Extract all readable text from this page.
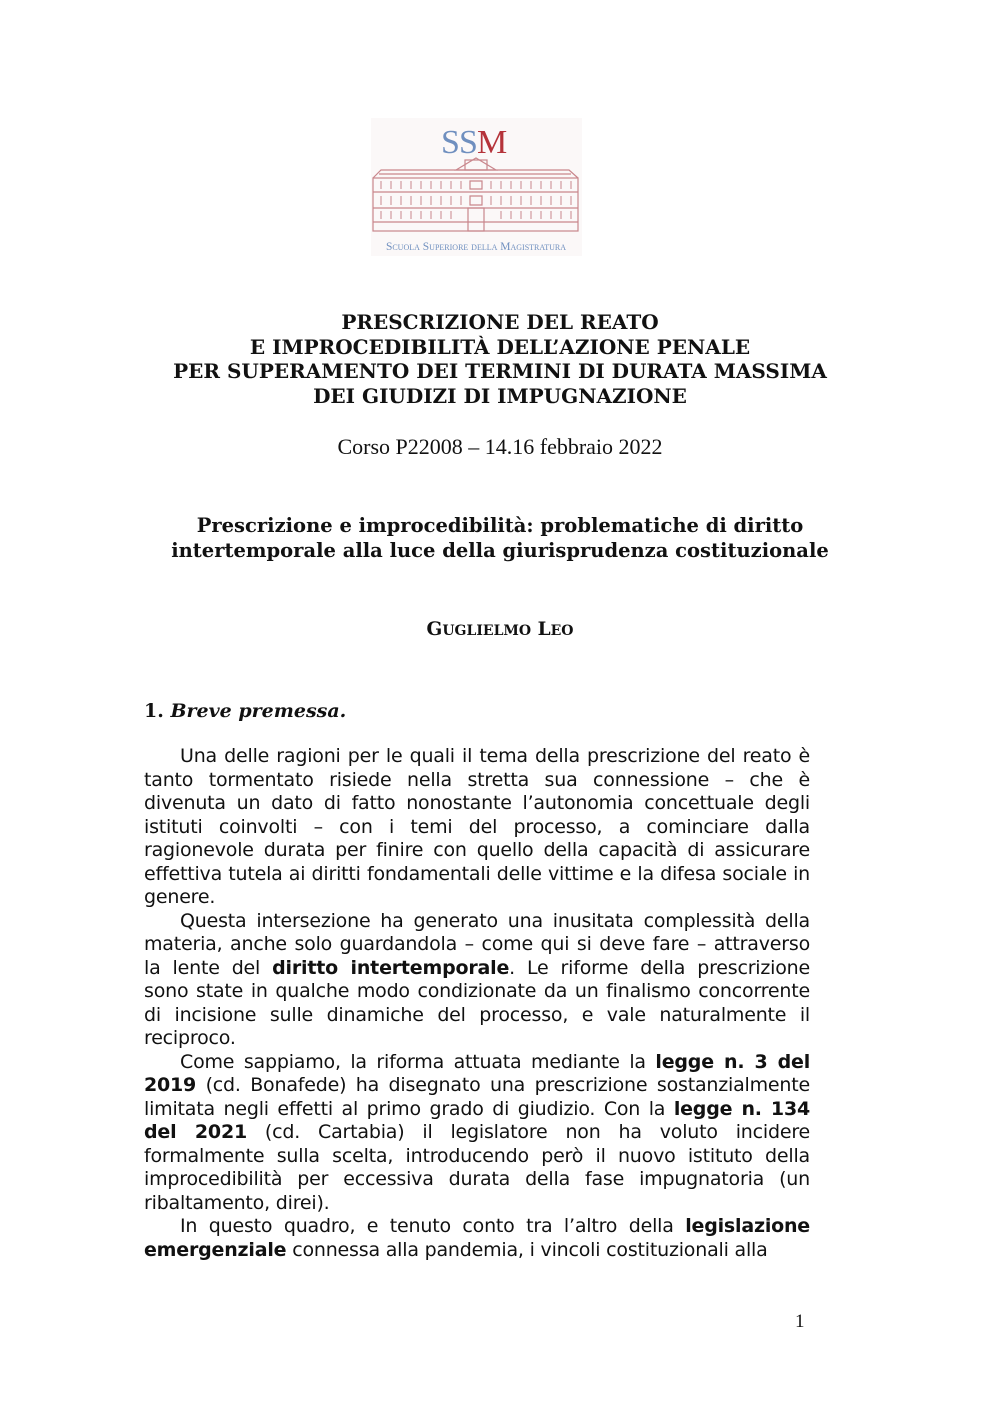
S S M
Scuola Superiore della Magistratura
PRESCRIZIONE DEL REATO
E IMPROCEDIBILITÀ DELL’AZIONE PENALE
PER SUPERAMENTO DEI TERMINI DI DURATA MASSIMA
DEI GIUDIZI DI IMPUGNAZIONE
Corso P22008 – 14.16 febbraio 2022
Prescrizione e improcedibilità: problematiche di diritto intertemporale alla luce della giurisprudenza costituzionale
GUGLIELMO LEO
1. Breve premessa.

Una delle ragioni per le quali il tema della prescrizione del reato è tanto tormentato risiede nella stretta sua connessione – che è divenuta un dato di fatto nonostante l’autonomia concettuale degli istituti coinvolti – con i temi del processo, a cominciare dalla ragionevole durata per finire con quello della capacità di assicurare effettiva tutela ai diritti fondamentali delle vittime e la difesa sociale in genere.

Questa intersezione ha generato una inusitata complessità della materia, anche solo guardandola – come qui si deve fare – attraverso la lente del diritto intertemporale. Le riforme della prescrizione sono state in qualche modo condizionate da un finalismo concorrente di incisione sulle dinamiche del processo, e vale naturalmente il reciproco.

Come sappiamo, la riforma attuata mediante la legge n. 3 del 2019 (cd. Bonafede) ha disegnato una prescrizione sostanzialmente limitata negli effetti al primo grado di giudizio. Con la legge n. 134 del 2021 (cd. Cartabia) il legislatore non ha voluto incidere formalmente sulla scelta, introducendo però il nuovo istituto della improcedibilità per eccessiva durata della fase impugnatoria (un ribaltamento, direi).

In questo quadro, e tenuto conto tra l’altro della legislazione emergenziale connessa alla pandemia, i vincoli costituzionali alla

1
